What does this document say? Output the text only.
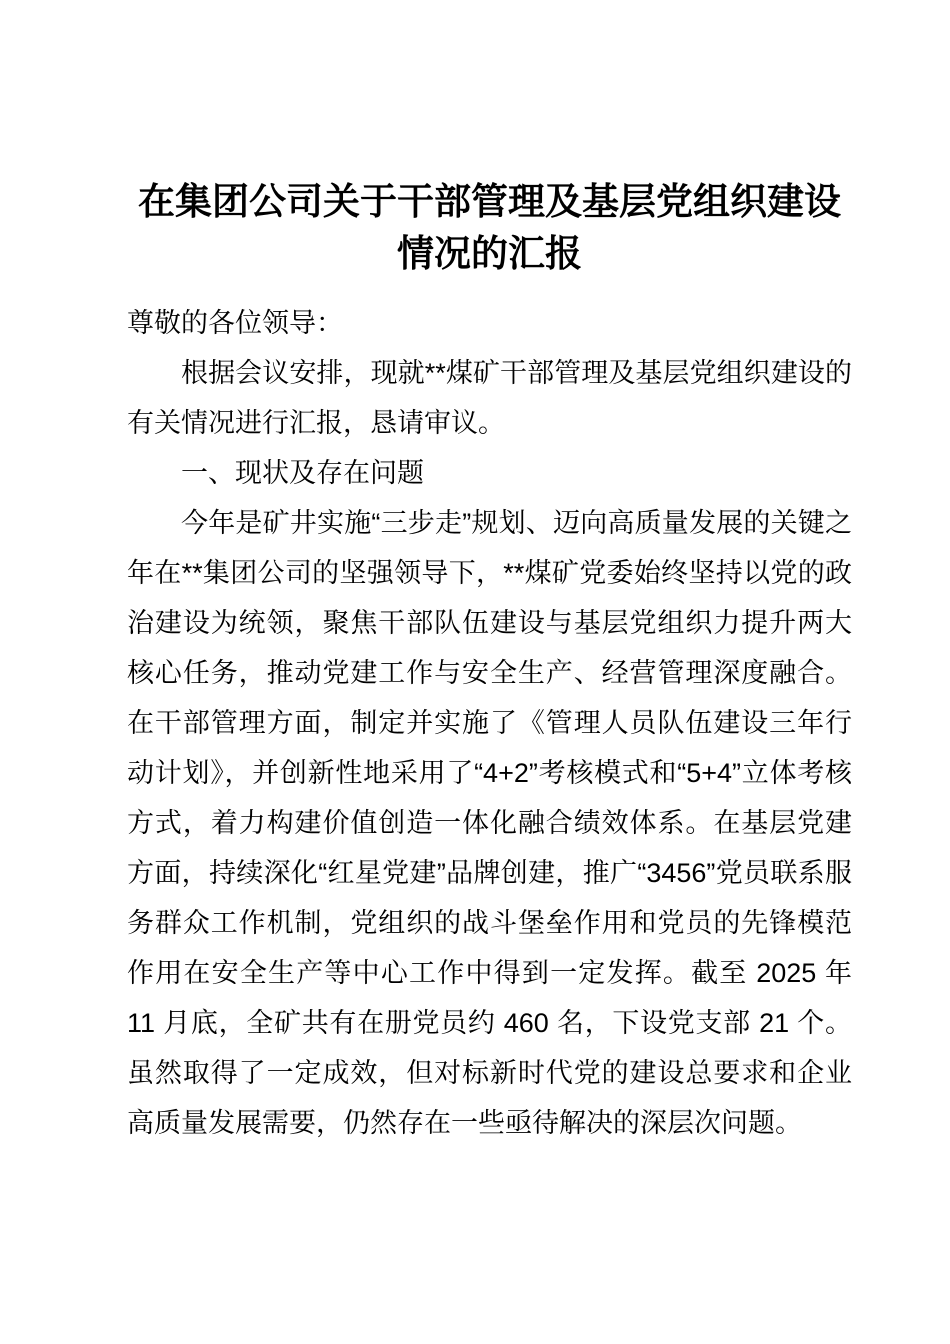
在集团公司关于干部管理及基层党组织建设情况的汇报

尊敬的各位领导：

根据会议安排，现就**煤矿干部管理及基层党组织建设的有关情况进行汇报，恳请审议。

一、现状及存在问题

今年是矿井实施“三步走”规划、迈向高质量发展的关键之年在**集团公司的坚强领导下，**煤矿党委始终坚持以党的政治建设为统领，聚焦干部队伍建设与基层党组织力提升两大核心任务，推动党建工作与安全生产、经营管理深度融合。在干部管理方面，制定并实施了《管理人员队伍建设三年行动计划》，并创新性地采用了“4+2”考核模式和“5+4”立体考核方式，着力构建价值创造一体化融合绩效体系。在基层党建方面，持续深化“红星党建”品牌创建，推广“3456”党员联系服务群众工作机制，党组织的战斗堡垒作用和党员的先锋模范作用在安全生产等中心工作中得到一定发挥。截至 2025 年 11 月底，全矿共有在册党员约 460 名，下设党支部 21 个。虽然取得了一定成效，但对标新时代党的建设总要求和企业高质量发展需要，仍然存在一些亟待解决的深层次问题。
